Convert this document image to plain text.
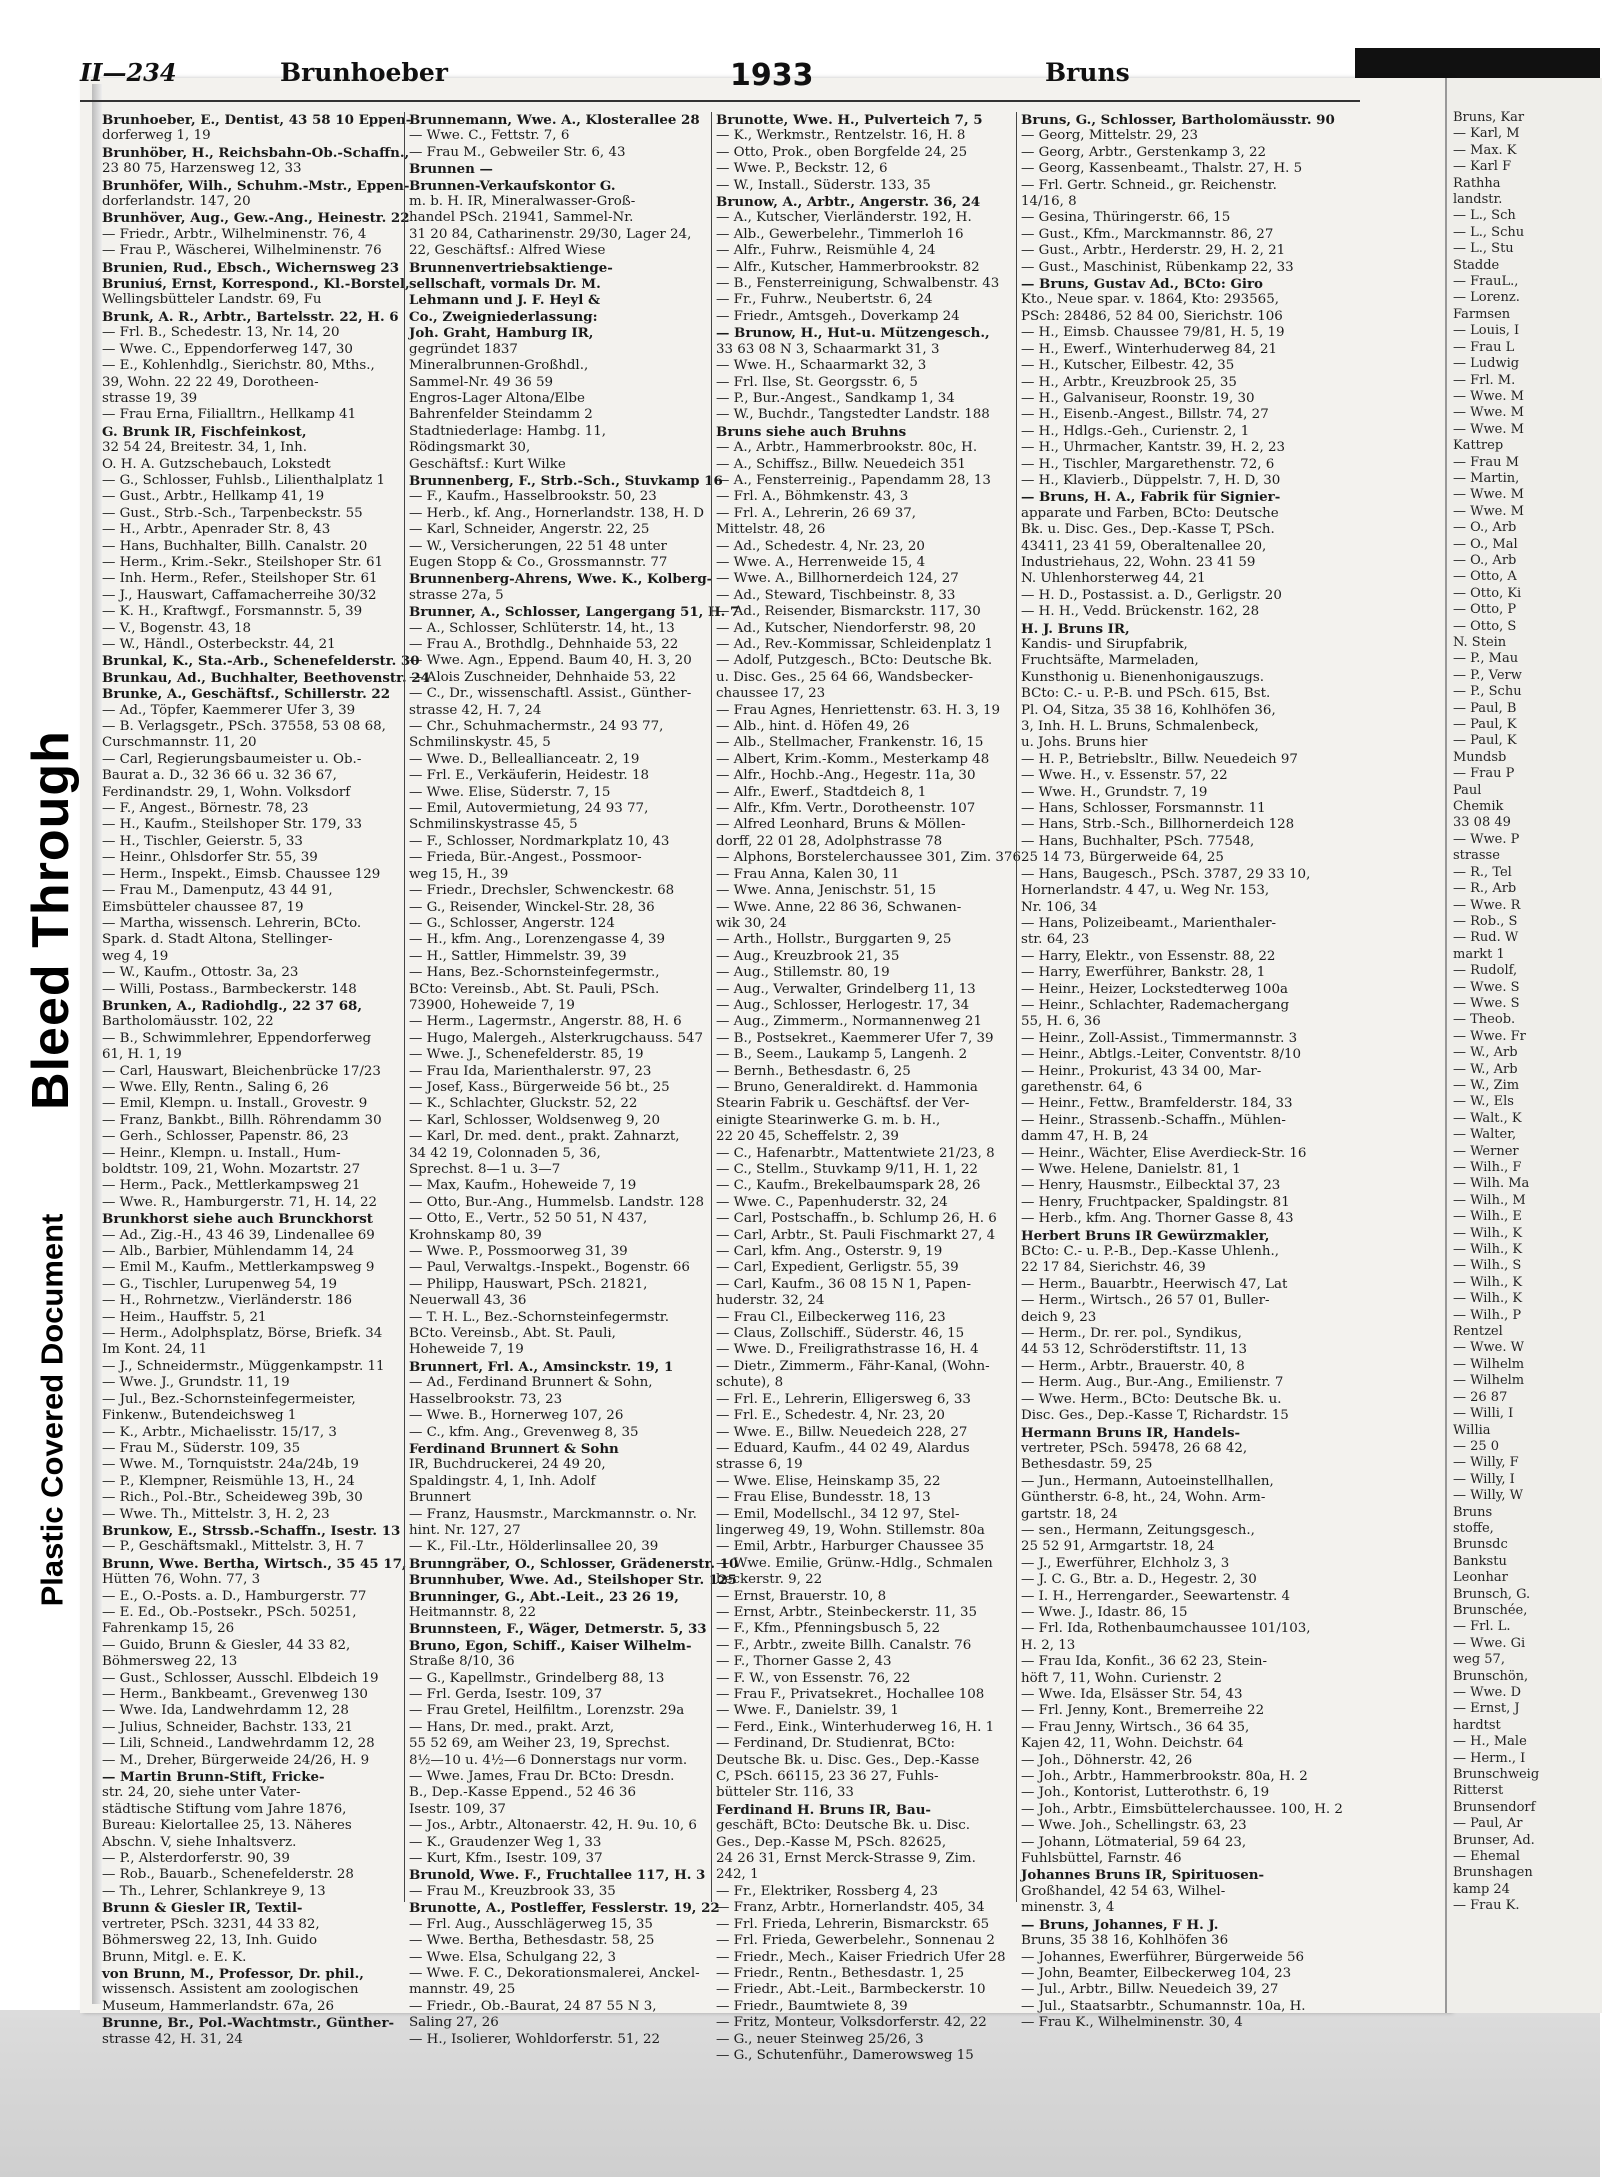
Bleed Through
Plastic Covered Document
II—234	Brunhoeber	1933	Bruns

Brunhoeber, E., Dentist, 43 58 10 Eppen-

dorferweg 1, 19

Brunhöber, H., Reichsbahn-Ob.-Schaffn.,

23 80 75, Harzensweg 12, 33

Brunhöfer, Wilh., Schuhm.-Mstr., Eppen-

dorferlandstr. 147, 20

Brunhöver, Aug., Gew.-Ang., Heinestr. 22

— Friedr., Arbtr., Wilhelminenstr. 76, 4

— Frau P., Wäscherei, Wilhelminenstr. 76

Brunien, Rud., Ebsch., Wichernsweg 23

Bruniuś, Ernst, Korrespond., Kl.-Borstel,

Wellingsbütteler Landstr. 69, Fu

Brunk, A. R., Arbtr., Bartelsstr. 22, H. 6

— Frl. B., Schedestr. 13, Nr. 14, 20

— Wwe. C., Eppendorferweg 147, 30

— E., Kohlenhdlg., Sierichstr. 80, Mths.,

39, Wohn. 22 22 49, Dorotheen-

strasse 19, 39

— Frau Erna, Filialltrn., Hellkamp 41

G. Brunk IR, Fischfeinkost,

32 54 24, Breitestr. 34, 1, Inh.

O. H. A. Gutzschebauch, Lokstedt

— G., Schlosser, Fuhlsb., Lilienthalplatz 1

— Gust., Arbtr., Hellkamp 41, 19

— Gust., Strb.-Sch., Tarpenbeckstr. 55

— H., Arbtr., Apenrader Str. 8, 43

— Hans, Buchhalter, Billh. Canalstr. 20

— Herm., Krim.-Sekr., Steilshoper Str. 61

— Inh. Herm., Refer., Steilshoper Str. 61

— J., Hauswart, Caffamacherreihe 30/32

— K. H., Kraftwgf., Forsmannstr. 5, 39

— V., Bogenstr. 43, 18

— W., Händl., Osterbeckstr. 44, 21

Brunkal, K., Sta.-Arb., Schenefelderstr. 30

Brunkau, Ad., Buchhalter, Beethovenstr. 24

Brunke, A., Geschäftsf., Schillerstr. 22

— Ad., Töpfer, Kaemmerer Ufer 3, 39

— B. Verlagsgetr., PSch. 37558, 53 08 68,

Curschmannstr. 11, 20

— Carl, Regierungsbaumeister u. Ob.-

Baurat a. D., 32 36 66 u. 32 36 67,

Ferdinandstr. 29, 1, Wohn. Volksdorf

— F., Angest., Börnestr. 78, 23

— H., Kaufm., Steilshoper Str. 179, 33

— H., Tischler, Geierstr. 5, 33

— Heinr., Ohlsdorfer Str. 55, 39

— Herm., Inspekt., Eimsb. Chaussee 129

— Frau M., Damenputz, 43 44 91,

Eimsbütteler chaussee 87, 19

— Martha, wissensch. Lehrerin, BCto.

Spark. d. Stadt Altona, Stellinger-

weg 4, 19

— W., Kaufm., Ottostr. 3a, 23

— Willi, Postass., Barmbeckerstr. 148

Brunken, A., Radiohdlg., 22 37 68,

Bartholomäusstr. 102, 22

— B., Schwimmlehrer, Eppendorferweg

61, H. 1, 19

— Carl, Hauswart, Bleichenbrücke 17/23

— Wwe. Elly, Rentn., Saling 6, 26

— Emil, Klempn. u. Install., Grovestr. 9

— Franz, Bankbt., Billh. Röhrendamm 30

— Gerh., Schlosser, Papenstr. 86, 23

— Heinr., Klempn. u. Install., Hum-

boldtstr. 109, 21, Wohn. Mozartstr. 27

— Herm., Pack., Mettlerkampsweg 21

— Wwe. R., Hamburgerstr. 71, H. 14, 22

Brunkhorst siehe auch Brunckhorst

— Ad., Zig.-H., 43 46 39, Lindenallee 69

— Alb., Barbier, Mühlendamm 14, 24

— Emil M., Kaufm., Mettlerkampsweg 9

— G., Tischler, Lurupenweg 54, 19

— H., Rohrnetzw., Vierländerstr. 186

— Heim., Hauffstr. 5, 21

— Herm., Adolphsplatz, Börse, Briefk. 34

Im Kont. 24, 11

— J., Schneidermstr., Müggenkampstr. 11

— Wwe. J., Grundstr. 11, 19

— Jul., Bez.-Schornsteinfegermeister,

Finkenw., Butendeichsweg 1

— K., Arbtr., Michaelisstr. 15/17, 3

— Frau M., Süderstr. 109, 35

— Wwe. M., Tornquiststr. 24a/24b, 19

— P., Klempner, Reismühle 13, H., 24

— Rich., Pol.-Btr., Scheideweg 39b, 30

— Wwe. Th., Mittelstr. 3, H. 2, 23

Brunkow, E., Strssb.-Schaffn., Isestr. 13

— P., Geschäftsmakl., Mittelstr. 3, H. 7

Brunn, Wwe. Bertha, Wirtsch., 35 45 17,

Hütten 76, Wohn. 77, 3

— E., O.-Posts. a. D., Hamburgerstr. 77

— E. Ed., Ob.-Postsekr., PSch. 50251,

Fahrenkamp 15, 26

— Guido, Brunn & Giesler, 44 33 82,

Böhmersweg 22, 13

— Gust., Schlosser, Ausschl. Elbdeich 19

— Herm., Bankbeamt., Grevenweg 130

— Wwe. Ida, Landwehrdamm 12, 28

— Julius, Schneider, Bachstr. 133, 21

— Lili, Schneid., Landwehrdamm 12, 28

— M., Dreher, Bürgerweide 24/26, H. 9

— Martin Brunn-Stift, Fricke-

str. 24, 20, siehe unter Vater-

städtische Stiftung vom Jahre 1876,

Bureau: Kielortallee 25, 13. Näheres

Abschn. V, siehe Inhaltsverz.

— P., Alsterdorferstr. 90, 39

— Rob., Bauarb., Schenefelderstr. 28

— Th., Lehrer, Schlankreye 9, 13

Brunn & Giesler IR, Textil-

vertreter, PSch. 3231, 44 33 82,

Böhmersweg 22, 13, Inh. Guido

Brunn, Mitgl. e. E. K.

von Brunn, M., Professor, Dr. phil.,

wissensch. Assistent am zoologischen

Museum, Hammerlandstr. 67a, 26

Brunne, Br., Pol.-Wachtmstr., Günther-

strasse 42, H. 31, 24

Brunnemann, Wwe. A., Klosterallee 28

— Wwe. C., Fettstr. 7, 6

— Frau M., Gebweiler Str. 6, 43

Brunnen —

Brunnen-Verkaufskontor G.

m. b. H. IR, Mineralwasser-Groß-

handel PSch. 21941, Sammel-Nr.

31 20 84, Catharinenstr. 29/30, Lager 24,

22, Geschäftsf.: Alfred Wiese

Brunnenvertriebsaktienge-

sellschaft, vormals Dr. M.

Lehmann und J. F. Heyl &

Co., Zweigniederlassung:

Joh. Graht, Hamburg IR,

gegründet 1837

Mineralbrunnen-Großhdl.,

Sammel-Nr. 49 36 59

Engros-Lager Altona/Elbe

Bahrenfelder Steindamm 2

Stadtniederlage: Hambg. 11,

Rödingsmarkt 30,

Geschäftsf.: Kurt Wilke

Brunnenberg, F., Strb.-Sch., Stuvkamp 16

— F., Kaufm., Hasselbrookstr. 50, 23

— Herb., kf. Ang., Hornerlandstr. 138, H. D

— Karl, Schneider, Angerstr. 22, 25

— W., Versicherungen, 22 51 48 unter

Eugen Stopp & Co., Grossmannstr. 77

Brunnenberg-Ahrens, Wwe. K., Kolberg-

strasse 27a, 5

Brunner, A., Schlosser, Langergang 51, H. 7

— A., Schlosser, Schlüterstr. 14, ht., 13

— Frau A., Brothdlg., Dehnhaide 53, 22

— Wwe. Agn., Eppend. Baum 40, H. 3, 20

— Alois Zuschneider, Dehnhaide 53, 22

— C., Dr., wissenschaftl. Assist., Günther-

strasse 42, H. 7, 24

— Chr., Schuhmachermstr., 24 93 77,

Schmilinskystr. 45, 5

— Wwe. D., Belleallianceatr. 2, 19

— Frl. E., Verkäuferin, Heidestr. 18

— Wwe. Elise, Süderstr. 7, 15

— Emil, Autovermietung, 24 93 77,

Schmilinskystrasse 45, 5

— F., Schlosser, Nordmarkplatz 10, 43

— Frieda, Bür.-Angest., Possmoor-

weg 15, H., 39

— Friedr., Drechsler, Schwenckestr. 68

— G., Reisender, Winckel-Str. 28, 36

— G., Schlosser, Angerstr. 124

— H., kfm. Ang., Lorenzengasse 4, 39

— H., Sattler, Himmelstr. 39, 39

— Hans, Bez.-Schornsteinfegermstr.,

BCto: Vereinsb., Abt. St. Pauli, PSch.

73900, Hoheweide 7, 19

— Herm., Lagermstr., Angerstr. 88, H. 6

— Hugo, Malergeh., Alsterkrugchauss. 547

— Wwe. J., Schenefelderstr. 85, 19

— Frau Ida, Marienthalerstr. 97, 23

— Josef, Kass., Bürgerweide 56 bt., 25

— K., Schlachter, Gluckstr. 52, 22

— Karl, Schlosser, Woldsenweg 9, 20

— Karl, Dr. med. dent., prakt. Zahnarzt,

34 42 19, Colonnaden 5, 36,

Sprechst. 8—1 u. 3—7

— Max, Kaufm., Hoheweide 7, 19

— Otto, Bur.-Ang., Hummelsb. Landstr. 128

— Otto, E., Vertr., 52 50 51, N 437,

Krohnskamp 80, 39

— Wwe. P., Possmoorweg 31, 39

— Paul, Verwaltgs.-Inspekt., Bogenstr. 66

— Philipp, Hauswart, PSch. 21821,

Neuerwall 43, 36

— T. H. L., Bez.-Schornsteinfegermstr.

BCto. Vereinsb., Abt. St. Pauli,

Hoheweide 7, 19

Brunnert, Frl. A., Amsinckstr. 19, 1

— Ad., Ferdinand Brunnert & Sohn,

Hasselbrookstr. 73, 23

— Wwe. B., Hornerweg 107, 26

— C., kfm. Ang., Grevenweg 8, 35

Ferdinand Brunnert & Sohn

IR, Buchdruckerei, 24 49 20,

Spaldingstr. 4, 1, Inh. Adolf

Brunnert

— Franz, Hausmstr., Marckmannstr. o. Nr.

hint. Nr. 127, 27

— K., Fil.-Ltr., Hölderlinsallee 20, 39

Brunngräber, O., Schlosser, Grädenerstr. 10

Brunnhuber, Wwe. Ad., Steilshoper Str. 125

Brunninger, G., Abt.-Leit., 23 26 19,

Heitmannstr. 8, 22

Brunnsteen, F., Wäger, Detmerstr. 5, 33

Bruno, Egon, Schiff., Kaiser Wilhelm-

Straße 8/10, 36

— G., Kapellmstr., Grindelberg 88, 13

— Frl. Gerda, Isestr. 109, 37

— Frau Gretel, Heilfiltm., Lorenzstr. 29a

— Hans, Dr. med., prakt. Arzt,

55 52 69, am Weiher 23, 19, Sprechst.

8½—10 u. 4½—6 Donnerstags nur vorm.

— Wwe. James, Frau Dr. BCto: Dresdn.

B., Dep.-Kasse Eppend., 52 46 36

Isestr. 109, 37

— Jos., Arbtr., Altonaerstr. 42, H. 9u. 10, 6

— K., Graudenzer Weg 1, 33

— Kurt, Kfm., Isestr. 109, 37

Brunold, Wwe. F., Fruchtallee 117, H. 3

— Frau M., Kreuzbrook 33, 35

Brunotte, A., Postleffer, Fesslerstr. 19, 22

— Frl. Aug., Ausschlägerweg 15, 35

— Wwe. Bertha, Bethesdastr. 58, 25

— Wwe. Elsa, Schulgang 22, 3

— Wwe. F. C., Dekorationsmalerei, Anckel-

mannstr. 49, 25

— Friedr., Ob.-Baurat, 24 87 55 N 3,

Saling 27, 26

— H., Isolierer, Wohldorferstr. 51, 22

Brunotte, Wwe. H., Pulverteich 7, 5

— K., Werkmstr., Rentzelstr. 16, H. 8

— Otto, Prok., oben Borgfelde 24, 25

— Wwe. P., Beckstr. 12, 6

— W., Install., Süderstr. 133, 35

Brunow, A., Arbtr., Angerstr. 36, 24

— A., Kutscher, Vierländerstr. 192, H.

— Alb., Gewerbelehr., Timmerloh 16

— Alfr., Fuhrw., Reismühle 4, 24

— Alfr., Kutscher, Hammerbrookstr. 82

— B., Fensterreinigung, Schwalbenstr. 43

— Fr., Fuhrw., Neubertstr. 6, 24

— Friedr., Amtsgeh., Doverkamp 24

— Brunow, H., Hut-u. Mützengesch.,

33 63 08 N 3, Schaarmarkt 31, 3

— Wwe. H., Schaarmarkt 32, 3

— Frl. Ilse, St. Georgsstr. 6, 5

— P., Bur.-Angest., Sandkamp 1, 34

— W., Buchdr., Tangstedter Landstr. 188

Bruns siehe auch Bruhns

— A., Arbtr., Hammerbrookstr. 80c, H.

— A., Schiffsz., Billw. Neuedeich 351

— A., Fensterreinig., Papendamm 28, 13

— Frl. A., Böhmkenstr. 43, 3

— Frl. A., Lehrerin, 26 69 37,

Mittelstr. 48, 26

— Ad., Schedestr. 4, Nr. 23, 20

— Wwe. A., Herrenweide 15, 4

— Wwe. A., Billhornerdeich 124, 27

— Ad., Steward, Tischbeinstr. 8, 33

— Ad., Reisender, Bismarckstr. 117, 30

— Ad., Kutscher, Niendorferstr. 98, 20

— Ad., Rev.-Kommissar, Schleidenplatz 1

— Adolf, Putzgesch., BCto: Deutsche Bk.

u. Disc. Ges., 25 64 66, Wandsbecker-

chaussee 17, 23

— Frau Agnes, Henriettenstr. 63. H. 3, 19

— Alb., hint. d. Höfen 49, 26

— Alb., Stellmacher, Frankenstr. 16, 15

— Albert, Krim.-Komm., Mesterkamp 48

— Alfr., Hochb.-Ang., Hegestr. 11a, 30

— Alfr., Ewerf., Stadtdeich 8, 1

— Alfr., Kfm. Vertr., Dorotheenstr. 107

— Alfred Leonhard, Bruns & Möllen-

dorff, 22 01 28, Adolphstrasse 78

— Alphons, Borstelerchaussee 301, Zim. 376

— Frau Anna, Kalen 30, 11

— Wwe. Anna, Jenischstr. 51, 15

— Wwe. Anne, 22 86 36, Schwanen-

wik 30, 24

— Arth., Hollstr., Burggarten 9, 25

— Aug., Kreuzbrook 21, 35

— Aug., Stillemstr. 80, 19

— Aug., Verwalter, Grindelberg 11, 13

— Aug., Schlosser, Herlogestr. 17, 34

— Aug., Zimmerm., Normannenweg 21

— B., Postsekret., Kaemmerer Ufer 7, 39

— B., Seem., Laukamp 5, Langenh. 2

— Bernh., Bethesdastr. 6, 25

— Bruno, Generaldirekt. d. Hammonia

Stearin Fabrik u. Geschäftsf. der Ver-

einigte Stearinwerke G. m. b. H.,

22 20 45, Scheffelstr. 2, 39

— C., Hafenarbtr., Mattentwiete 21/23, 8

— C., Stellm., Stuvkamp 9/11, H. 1, 22

— C., Kaufm., Brekelbaumspark 28, 26

— Wwe. C., Papenhuderstr. 32, 24

— Carl, Postschaffn., b. Schlump 26, H. 6

— Carl, Arbtr., St. Pauli Fischmarkt 27, 4

— Carl, kfm. Ang., Osterstr. 9, 19

— Carl, Expedient, Gerligstr. 55, 39

— Carl, Kaufm., 36 08 15 N 1, Papen-

huderstr. 32, 24

— Frau Cl., Eilbeckerweg 116, 23

— Claus, Zollschiff., Süderstr. 46, 15

— Wwe. D., Freiligrathstrasse 16, H. 4

— Dietr., Zimmerm., Fähr-Kanal, (Wohn-

schute), 8

— Frl. E., Lehrerin, Elligersweg 6, 33

— Frl. E., Schedestr. 4, Nr. 23, 20

— Wwe. E., Billw. Neuedeich 228, 27

— Eduard, Kaufm., 44 02 49, Alardus

strasse 6, 19

— Wwe. Elise, Heinskamp 35, 22

— Frau Elise, Bundesstr. 18, 13

— Emil, Modellschl., 34 12 97, Stel-

lingerweg 49, 19, Wohn. Stillemstr. 80a

— Emil, Arbtr., Harburger Chaussee 35

— Wwe. Emilie, Grünw.-Hdlg., Schmalen

beckerstr. 9, 22

— Ernst, Brauerstr. 10, 8

— Ernst, Arbtr., Steinbeckerstr. 11, 35

— F., Kfm., Pfenningsbusch 5, 22

— F., Arbtr., zweite Billh. Canalstr. 76

— F., Thorner Gasse 2, 43

— F. W., von Essenstr. 76, 22

— Frau F., Privatsekret., Hochallee 108

— Wwe. F., Danielstr. 39, 1

— Ferd., Eink., Winterhuderweg 16, H. 1

— Ferdinand, Dr. Studienrat, BCto:

Deutsche Bk. u. Disc. Ges., Dep.-Kasse

C, PSch. 66115, 23 36 27, Fuhls-

bütteler Str. 116, 33

Ferdinand H. Bruns IR, Bau-

geschäft, BCto: Deutsche Bk. u. Disc.

Ges., Dep.-Kasse M, PSch. 82625,

24 26 31, Ernst Merck-Strasse 9, Zim.

242, 1

— Fr., Elektriker, Rossberg 4, 23

— Franz, Arbtr., Hornerlandstr. 405, 34

— Frl. Frieda, Lehrerin, Bismarckstr. 65

— Frl. Frieda, Gewerbelehr., Sonnenau 2

— Friedr., Mech., Kaiser Friedrich Ufer 28

— Friedr., Rentn., Bethesdastr. 1, 25

— Friedr., Abt.-Leit., Barmbeckerstr. 10

— Friedr., Baumtwiete 8, 39

— Fritz, Monteur, Volksdorferstr. 42, 22

— G., neuer Steinweg 25/26, 3

— G., Schutenführ., Damerowsweg 15

Bruns, G., Schlosser, Bartholomäusstr. 90

— Georg, Mittelstr. 29, 23

— Georg, Arbtr., Gerstenkamp 3, 22

— Georg, Kassenbeamt., Thalstr. 27, H. 5

— Frl. Gertr. Schneid., gr. Reichenstr.

14/16, 8

— Gesina, Thüringerstr. 66, 15

— Gust., Kfm., Marckmannstr. 86, 27

— Gust., Arbtr., Herderstr. 29, H. 2, 21

— Gust., Maschinist, Rübenkamp 22, 33

— Bruns, Gustav Ad., BCto: Giro

Kto., Neue spar. v. 1864, Kto: 293565,

PSch: 28486, 52 84 00, Sierichstr. 106

— H., Eimsb. Chaussee 79/81, H. 5, 19

— H., Ewerf., Winterhuderweg 84, 21

— H., Kutscher, Eilbestr. 42, 35

— H., Arbtr., Kreuzbrook 25, 35

— H., Galvaniseur, Roonstr. 19, 30

— H., Eisenb.-Angest., Billstr. 74, 27

— H., Hdlgs.-Geh., Curienstr. 2, 1

— H., Uhrmacher, Kantstr. 39, H. 2, 23

— H., Tischler, Margarethenstr. 72, 6

— H., Klavierb., Düppelstr. 7, H. D, 30

— Bruns, H. A., Fabrik für Signier-

apparate und Farben, BCto: Deutsche

Bk. u. Disc. Ges., Dep.-Kasse T, PSch.

43411, 23 41 59, Oberaltenallee 20,

Industriehaus, 22, Wohn. 23 41 59

N. Uhlenhorsterweg 44, 21

— H. D., Postassist. a. D., Gerligstr. 20

— H. H., Vedd. Brückenstr. 162, 28

H. J. Bruns IR,

Kandis- und Sirupfabrik,

Fruchtsäfte, Marmeladen,

Kunsthonig u. Bienenhonigauszugs.

BCto: C.- u. P.-B. und PSch. 615, Bst.

Pl. O4, Sitza, 35 38 16, Kohlhöfen 36,

3, Inh. H. L. Bruns, Schmalenbeck,

u. Johs. Bruns hier

— H. P., Betriebsltr., Billw. Neuedeich 97

— Wwe. H., v. Essenstr. 57, 22

— Wwe. H., Grundstr. 7, 19

— Hans, Schlosser, Forsmannstr. 11

— Hans, Strb.-Sch., Billhornerdeich 128

— Hans, Buchhalter, PSch. 77548,

25 14 73, Bürgerweide 64, 25

— Hans, Baugesch., PSch. 3787, 29 33 10,

Hornerlandstr. 4 47, u. Weg Nr. 153,

Nr. 106, 34

— Hans, Polizeibeamt., Marienthaler-

str. 64, 23

— Harry, Elektr., von Essenstr. 88, 22

— Harry, Ewerführer, Bankstr. 28, 1

— Heinr., Heizer, Lockstedterweg 100a

— Heinr., Schlachter, Rademachergang

55, H. 6, 36

— Heinr., Zoll-Assist., Timmermannstr. 3

— Heinr., Abtlgs.-Leiter, Conventstr. 8/10

— Heinr., Prokurist, 43 34 00, Mar-

garethenstr. 64, 6

— Heinr., Fettw., Bramfelderstr. 184, 33

— Heinr., Strassenb.-Schaffn., Mühlen-

damm 47, H. B, 24

— Heinr., Wächter, Elise Averdieck-Str. 16

— Wwe. Helene, Danielstr. 81, 1

— Henry, Hausmstr., Eilbecktal 37, 23

— Henry, Fruchtpacker, Spaldingstr. 81

— Herb., kfm. Ang. Thorner Gasse 8, 43

Herbert Bruns IR Gewürzmakler,

BCto: C.- u. P.-B., Dep.-Kasse Uhlenh.,

22 17 84, Sierichstr. 46, 39

— Herm., Bauarbtr., Heerwisch 47, Lat

— Herm., Wirtsch., 26 57 01, Buller-

deich 9, 23

— Herm., Dr. rer. pol., Syndikus,

44 53 12, Schröderstiftstr. 11, 13

— Herm., Arbtr., Brauerstr. 40, 8

— Herm. Aug., Bur.-Ang., Emilienstr. 7

— Wwe. Herm., BCto: Deutsche Bk. u.

Disc. Ges., Dep.-Kasse T, Richardstr. 15

Hermann Bruns IR, Handels-

vertreter, PSch. 59478, 26 68 42,

Bethesdastr. 59, 25

— Jun., Hermann, Autoeinstellhallen,

Güntherstr. 6-8, ht., 24, Wohn. Arm-

gartstr. 18, 24

— sen., Hermann, Zeitungsgesch.,

25 52 91, Armgartstr. 18, 24

— J., Ewerführer, Elchholz 3, 3

— J. C. G., Btr. a. D., Hegestr. 2, 30

— I. H., Herrengarder., Seewartenstr. 4

— Wwe. J., Idastr. 86, 15

— Frl. Ida, Rothenbaumchaussee 101/103,

H. 2, 13

— Frau Ida, Konfit., 36 62 23, Stein-

höft 7, 11, Wohn. Curienstr. 2

— Wwe. Ida, Elsässer Str. 54, 43

— Frl. Jenny, Kont., Bremerreihe 22

— Frau Jenny, Wirtsch., 36 64 35,

Kajen 42, 11, Wohn. Deichstr. 64

— Joh., Döhnerstr. 42, 26

— Joh., Arbtr., Hammerbrookstr. 80a, H. 2

— Joh., Kontorist, Lutterothstr. 6, 19

— Joh., Arbtr., Eimsbüttelerchaussee. 100, H. 2

— Wwe. Joh., Schellingstr. 63, 23

— Johann, Lötmaterial, 59 64 23,

Fuhlsbüttel, Farnstr. 46

Johannes Bruns IR, Spirituosen-

Großhandel, 42 54 63, Wilhel-

minenstr. 3, 4

— Bruns, Johannes, F H. J.

Bruns, 35 38 16, Kohlhöfen 36

— Johannes, Ewerführer, Bürgerweide 56

— John, Beamter, Eilbeckerweg 104, 23

— Jul., Arbtr., Billw. Neuedeich 39, 27

— Jul., Staatsarbtr., Schumannstr. 10a, H.

— Frau K., Wilhelminenstr. 30, 4

Bruns, Kar

— Karl, M

— Max. K

— Karl F

Rathha

landstr.

— L., Sch

— L., Schu

— L., Stu

Stadde

— FrauL.,

— Lorenz.

Farmsen

— Louis, I

— Frau L

— Ludwig

— Frl. M.

— Wwe. M

— Wwe. M

— Wwe. M

Kattrep

— Frau M

— Martin,

— Wwe. M

— Wwe. M

— O., Arb

— O., Mal

— O., Arb

— Otto, A

— Otto, Ki

— Otto, P

— Otto, S

N. Stein

— P., Mau

— P., Verw

— P., Schu

— Paul, B

— Paul, K

— Paul, K

Mundsb

— Frau P

Paul

Chemik

33 08 49

— Wwe. P

strasse

— R., Tel

— R., Arb

— Wwe. R

— Rob., S

— Rud. W

markt 1

— Rudolf,

— Wwe. S

— Wwe. S

— Theob.

— Wwe. Fr

— W., Arb

— W., Arb

— W., Zim

— W., Els

— Walt., K

— Walter,

— Werner

— Wilh., F

— Wilh. Ma

— Wilh., M

— Wilh., E

— Wilh., K

— Wilh., K

— Wilh., S

— Wilh., K

— Wilh., K

— Wilh., P

Rentzel

— Wwe. W

— Wilhelm

— Wilhelm

— 26 87

— Willi, I

Willia

— 25 0

— Willy, F

— Willy, I

— Willy, W

Bruns

stoffe,

Brunsdc

Bankstu

Leonhar

Brunsch, G.

Brunschée,

— Frl. L.

— Wwe. Gi

weg 57,

Brunschön,

— Wwe. D

— Ernst, J

hardtst

— H., Male

— Herm., I

Brunschweig

Ritterst

Brunsendorf

— Paul, Ar

Brunser, Ad.

— Ehemal

Brunshagen

kamp 24

— Frau K.
